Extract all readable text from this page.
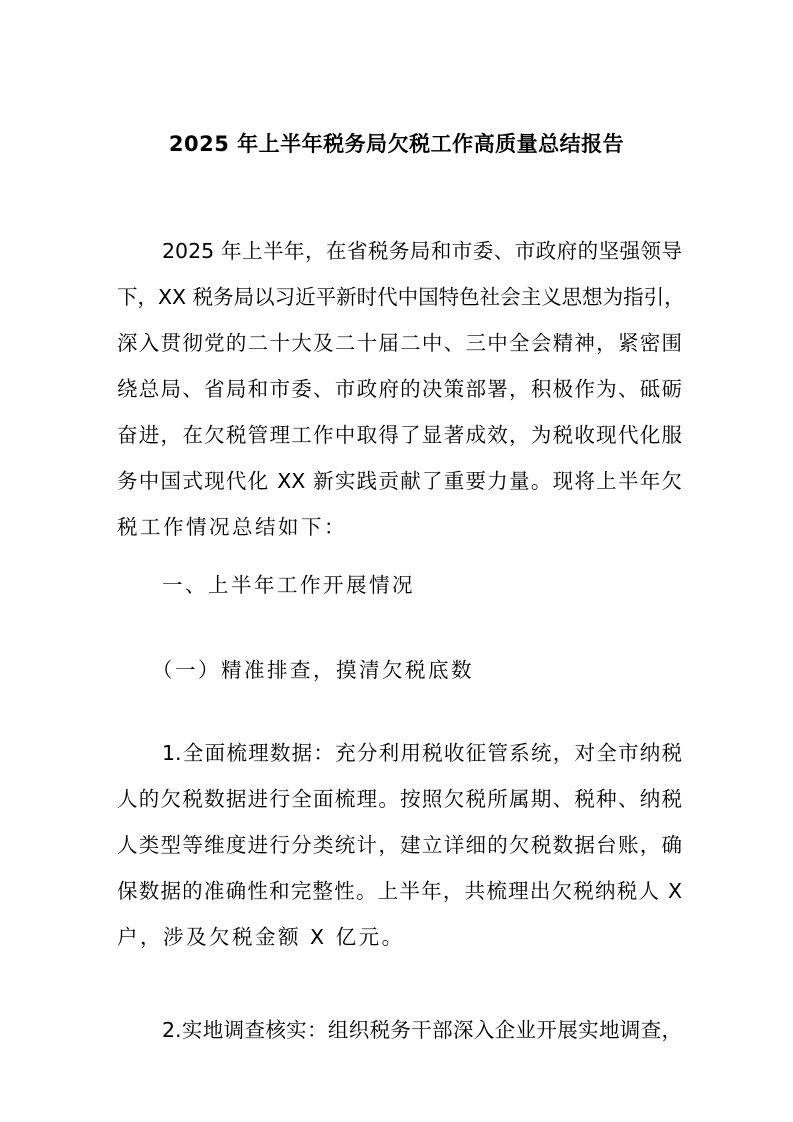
2025 年上半年税务局欠税工作高质量总结报告
2025 年上半年，在省税务局和市委、市政府的坚强领导
下，XX 税务局以习近平新时代中国特色社会主义思想为指引，
深入贯彻党的二十大及二十届二中、三中全会精神，紧密围
绕总局、省局和市委、市政府的决策部署，积极作为、砥砺
奋进，在欠税管理工作中取得了显著成效，为税收现代化服
务中国式现代化 XX 新实践贡献了重要力量。现将上半年欠
税工作情况总结如下：
一、上半年工作开展情况
（一）精准排查，摸清欠税底数
1.全面梳理数据：充分利用税收征管系统，对全市纳税
人的欠税数据进行全面梳理。按照欠税所属期、税种、纳税
人类型等维度进行分类统计，建立详细的欠税数据台账，确
保数据的准确性和完整性。上半年，共梳理出欠税纳税人 X
户，涉及欠税金额 X 亿元。
2.实地调查核实：组织税务干部深入企业开展实地调查，
